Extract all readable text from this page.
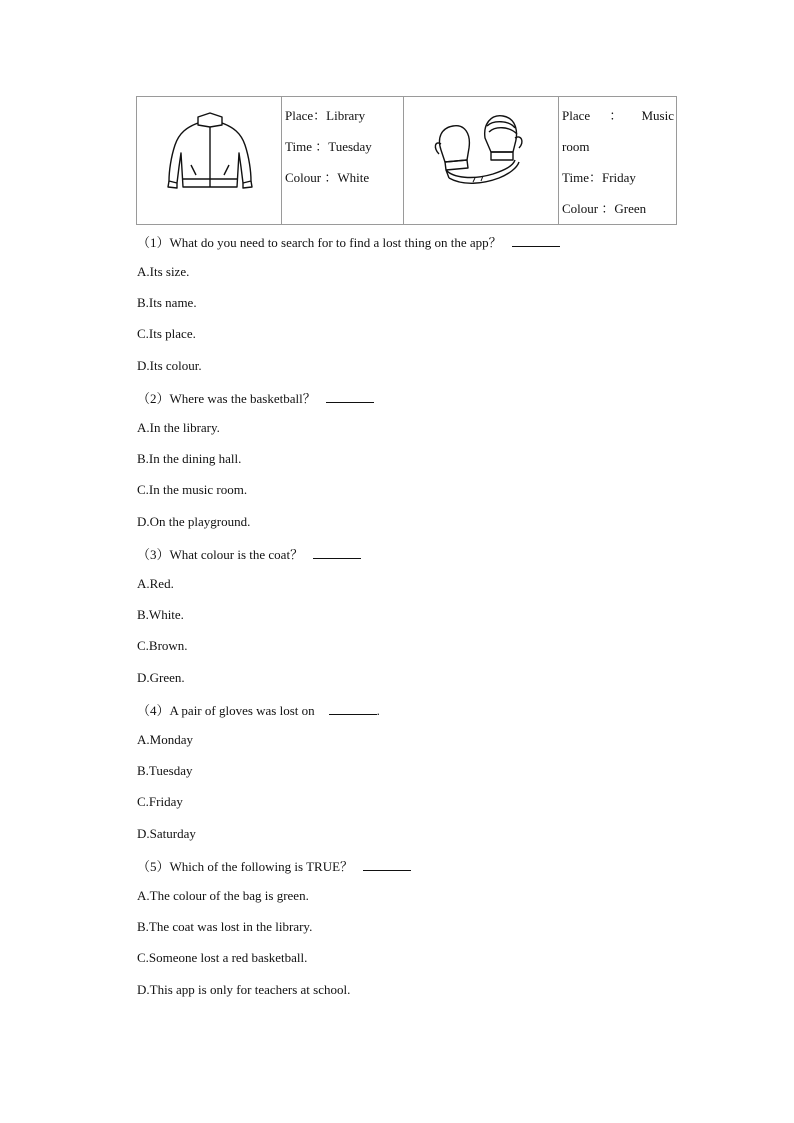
Place：Library
Time ：Tuesday
Colour ：White

Place ： Music
room
Time：Friday
Colour ：Green
（1）What do you need to search for to find a lost thing on the app？
A.Its size.
B.Its name.
C.Its place.
D.Its colour.
（2）Where was the basketball？
A.In the library.
B.In the dining hall.
C.In the music room.
D.On the playground.
（3）What colour is the coat？
A.Red.
B.White.
C.Brown.
D.Green.
（4）A pair of gloves was lost on	.
A.Monday
B.Tuesday
C.Friday
D.Saturday
（5）Which of the following is TRUE？
A.The colour of the bag is green.
B.The coat was lost in the library.
C.Someone lost a red basketball.
D.This app is only for teachers at school.
